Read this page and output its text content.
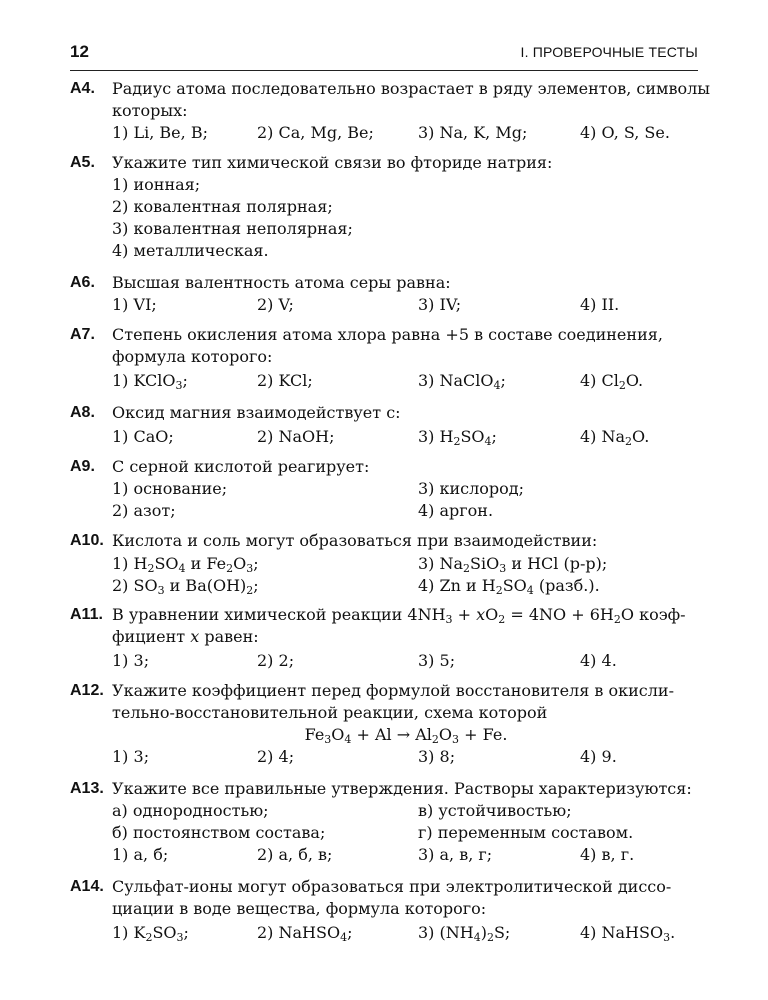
12	I. ПРОВЕРОЧНЫЕ ТЕСТЫ
A4. Радиус атома последовательно возрастает в ряду элементов, символы
которых:
1) Li, Be, B;	2) Ca, Mg, Be;	3) Na, K, Mg;	4) O, S, Se.
A5. Укажите тип химической связи во фториде натрия:
1) ионная;
2) ковалентная полярная;
3) ковалентная неполярная;
4) металлическая.
A6. Высшая валентность атома серы равна:
1) VI;	2) V;	3) IV;	4) II.
A7. Степень окисления атома хлора равна +5 в составе соединения,
формула которого:
1) KClO$_3$;	2) KCl;	3) NaClO$_4$;	4) $Cl_2O$.
A8. Оксид магния взаимодействует с:
1) CaO;	2) NaOH;	3) $H_2SO_4$;	4) $Na_2O$.
A9. С серной кислотой реагирует:
1) основание;	3) кислород;
2) азот;	4) аргон.
A10. Кислота и соль могут образоваться при взаимодействии:
1) $H_2SO_4$ и $Fe_2O_3$;	3) $Na_2SiO_3$ и HCl (р-р);
2) $SO_3$ и $Ba(OH)_2$;	4) Zn и $H_2SO_4$ (разб.).
A11. В уравнении химической реакции $4NH_3 + xO_2 = 4NO + 6H_2O$ коэф-
фициент x равен:
1) 3;	2) 2;	3) 5;	4) 4.
A12. Укажите коэффициент перед формулой восстановителя в окисли-
тельно-восстановительной реакции, схема которой
$Fe_3O_4 + Al \to Al_2O_3 + Fe$.
1) 3;	2) 4;	3) 8;	4) 9.
A13. Укажите все правильные утверждения. Растворы характеризуются:
а) однородностью;	в) устойчивостью;
б) постоянством состава;	г) переменным составом.
1) а, б;	2) а, б, в;	3) а, в, г;	4) в, г.
A14. Сульфат-ионы могут образоваться при электролитической диссо-
циации в воде вещества, формула которого:
1) $K_2SO_3$;	2) NaHSO$_4$;	3) $(NH_4)_2S$;	4) NaHSO$_3$.
